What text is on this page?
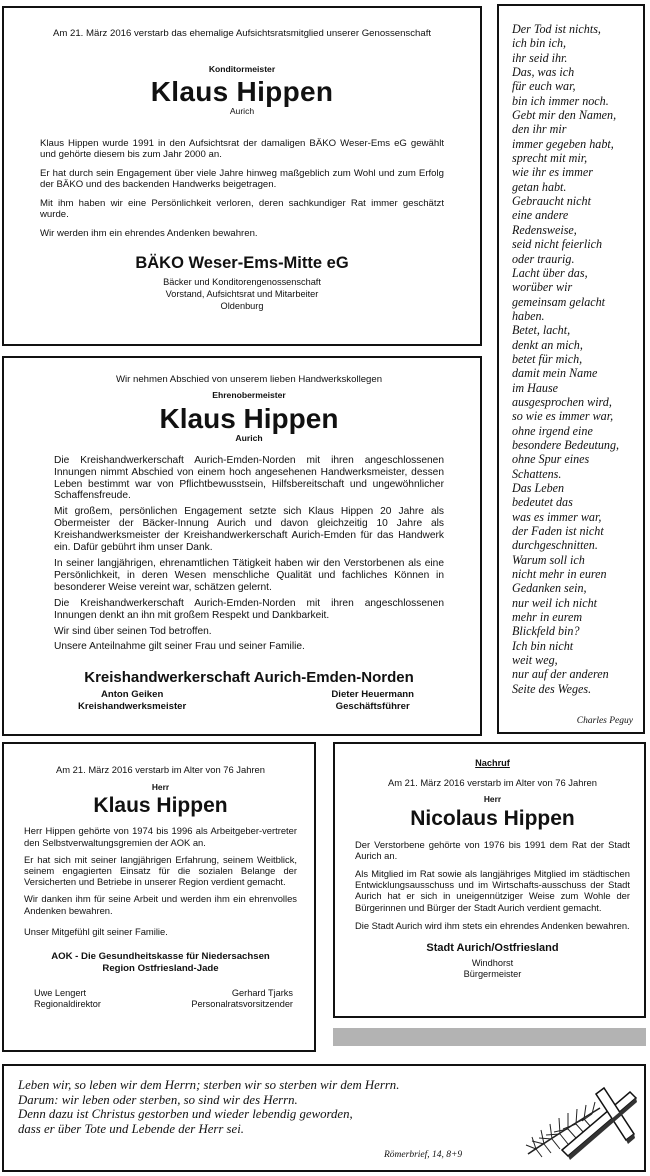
Am 21. März 2016 verstarb das ehemalige Aufsichtsratsmitglied unserer Genossenschaft

Konditormeister

Klaus Hippen

Aurich

Klaus Hippen wurde 1991 in den Aufsichtsrat der damaligen BÄKO Weser-Ems eG gewählt und gehörte diesem bis zum Jahr 2000 an.

Er hat durch sein Engagement über viele Jahre hinweg maßgeblich zum Wohl und zum Erfolg der BÄKO und des backenden Handwerks beigetragen.

Mit ihm haben wir eine Persönlichkeit verloren, deren sachkundiger Rat immer geschätzt wurde.

Wir werden ihm ein ehrendes Andenken bewahren.

BÄKO Weser-Ems-Mitte eG

Bäcker und Konditorengenossenschaft

Vorstand, Aufsichtsrat und Mitarbeiter

Oldenburg

Wir nehmen Abschied von unserem lieben Handwerkskollegen

Ehrenobermeister

Klaus Hippen

Aurich

Die Kreishandwerkerschaft Aurich-Emden-Norden mit ihren angeschlossenen Innungen nimmt Abschied von einem hoch angesehenen Handwerksmeister, dessen Leben bestimmt war von Pflichtbewusstsein, Hilfsbereitschaft und ungewöhnlicher Schaffensfreude.

Mit großem, persönlichen Engagement setzte sich Klaus Hippen 20 Jahre als Obermeister der Bäcker-Innung Aurich und davon gleichzeitig 10 Jahre als Kreishandwerksmeister der Kreishandwerkerschaft Aurich-Emden für das Handwerk ein. Dafür gebührt ihm unser Dank.

In seiner langjährigen, ehrenamtlichen Tätigkeit haben wir den Verstorbenen als eine Persönlichkeit, in deren Wesen menschliche Qualität und fachliches Können in besonderer Weise vereint war, schätzen gelernt.

Die Kreishandwerkerschaft Aurich-Emden-Norden mit ihren angeschlossenen Innungen denkt an ihn mit großem Respekt und Dankbarkeit.

Wir sind über seinen Tod betroffen.

Unsere Anteilnahme gilt seiner Frau und seiner Familie.

Kreishandwerkerschaft Aurich-Emden-Norden

Anton Geiken

Kreishandwerksmeister

Dieter Heuermann

Geschäftsführer

Der Tod ist nichts,
ich bin ich,
ihr seid ihr.
Das, was ich
für euch war,
bin ich immer noch.
Gebt mir den Namen,
den ihr mir
immer gegeben habt,
sprecht mit mir,
wie ihr es immer
getan habt.
Gebraucht nicht
eine andere
Redensweise,
seid nicht feierlich
oder traurig.
Lacht über das,
worüber wir
gemeinsam gelacht
haben.
Betet, lacht,
denkt an mich,
betet für mich,
damit mein Name
im Hause
ausgesprochen wird,
so wie es immer war,
ohne irgend eine
besondere Bedeutung,
ohne Spur eines
Schattens.
Das Leben
bedeutet das
was es immer war,
der Faden ist nicht
durchgeschnitten.
Warum soll ich
nicht mehr in euren
Gedanken sein,
nur weil ich nicht
mehr in eurem
Blickfeld bin?
Ich bin nicht
weit weg,
nur auf der anderen
Seite des Weges.

Charles Peguy

Am 21. März 2016 verstarb im Alter von 76 Jahren

Herr

Klaus Hippen

Herr Hippen gehörte von 1974 bis 1996 als Arbeitgeber-vertreter den Selbstverwaltungsgremien der AOK an.

Er hat sich mit seiner langjährigen Erfahrung, seinem Weitblick, seinem engagierten Einsatz für die sozialen Belange der Versicherten und Betriebe in unserer Region verdient gemacht.

Wir danken ihm für seine Arbeit und werden ihm ein ehrenvolles Andenken bewahren.

Unser Mitgefühl gilt seiner Familie.

AOK - Die Gesundheitskasse für Niedersachsen

Region Ostfriesland-Jade

Uwe Lengert

Regionaldirektor

Gerhard Tjarks

Personalratsvorsitzender

Nachruf

Am 21. März 2016 verstarb im Alter von 76 Jahren

Herr

Nicolaus Hippen

Der Verstorbene gehörte von 1976 bis 1991 dem Rat der Stadt Aurich an.

Als Mitglied im Rat sowie als langjähriges Mitglied im städtischen Entwicklungsausschuss und im Wirtschafts-ausschuss der Stadt Aurich hat er sich in uneigennütziger Weise zum Wohle der Bürgerinnen und Bürger der Stadt Aurich verdient gemacht.

Die Stadt Aurich wird ihm stets ein ehrendes Andenken bewahren.

Stadt Aurich/Ostfriesland

Windhorst

Bürgermeister

Leben wir, so leben wir dem Herrn; sterben wir so sterben wir dem Herrn.
Darum: wir leben oder sterben, so sind wir des Herrn.
Denn dazu ist Christus gestorben und wieder lebendig geworden,
dass er über Tote und Lebende der Herr sei.

Römerbrief, 14, 8+9
